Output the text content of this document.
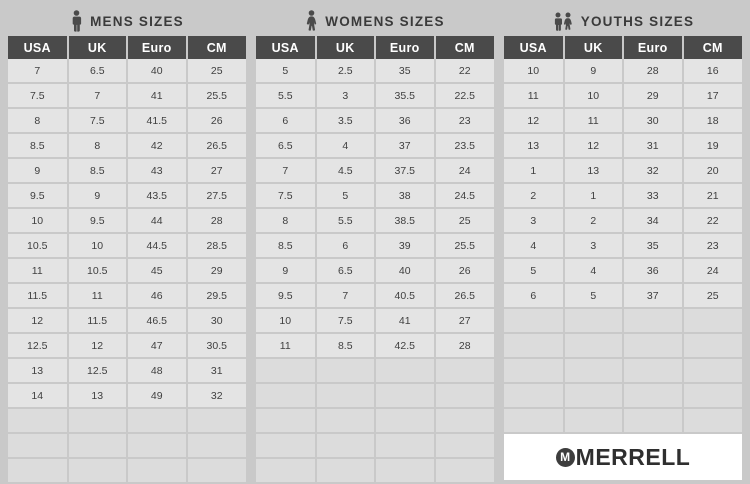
MENS SIZES
USA	UK	Euro	CM
7	6.5	40	25
7.5	7	41	25.5
8	7.5	41.5	26
8.5	8	42	26.5
9	8.5	43	27
9.5	9	43.5	27.5
10	9.5	44	28
10.5	10	44.5	28.5
11	10.5	45	29
11.5	11	46	29.5
12	11.5	46.5	30
12.5	12	47	30.5
13	12.5	48	31
14	13	49	32

WOMENS SIZES
USA	UK	Euro	CM
5	2.5	35	22
5.5	3	35.5	22.5
6	3.5	36	23
6.5	4	37	23.5
7	4.5	37.5	24
7.5	5	38	24.5
8	5.5	38.5	25
8.5	6	39	25.5
9	6.5	40	26
9.5	7	40.5	26.5
10	7.5	41	27
11	8.5	42.5	28

YOUTHS SIZES
USA	UK	Euro	CM
10	9	28	16
11	10	29	17
12	11	30	18
13	12	31	19
1	13	32	20
2	1	33	21
3	2	34	22
4	3	35	23
5	4	36	24
6	5	37	25

M MERRELL			
